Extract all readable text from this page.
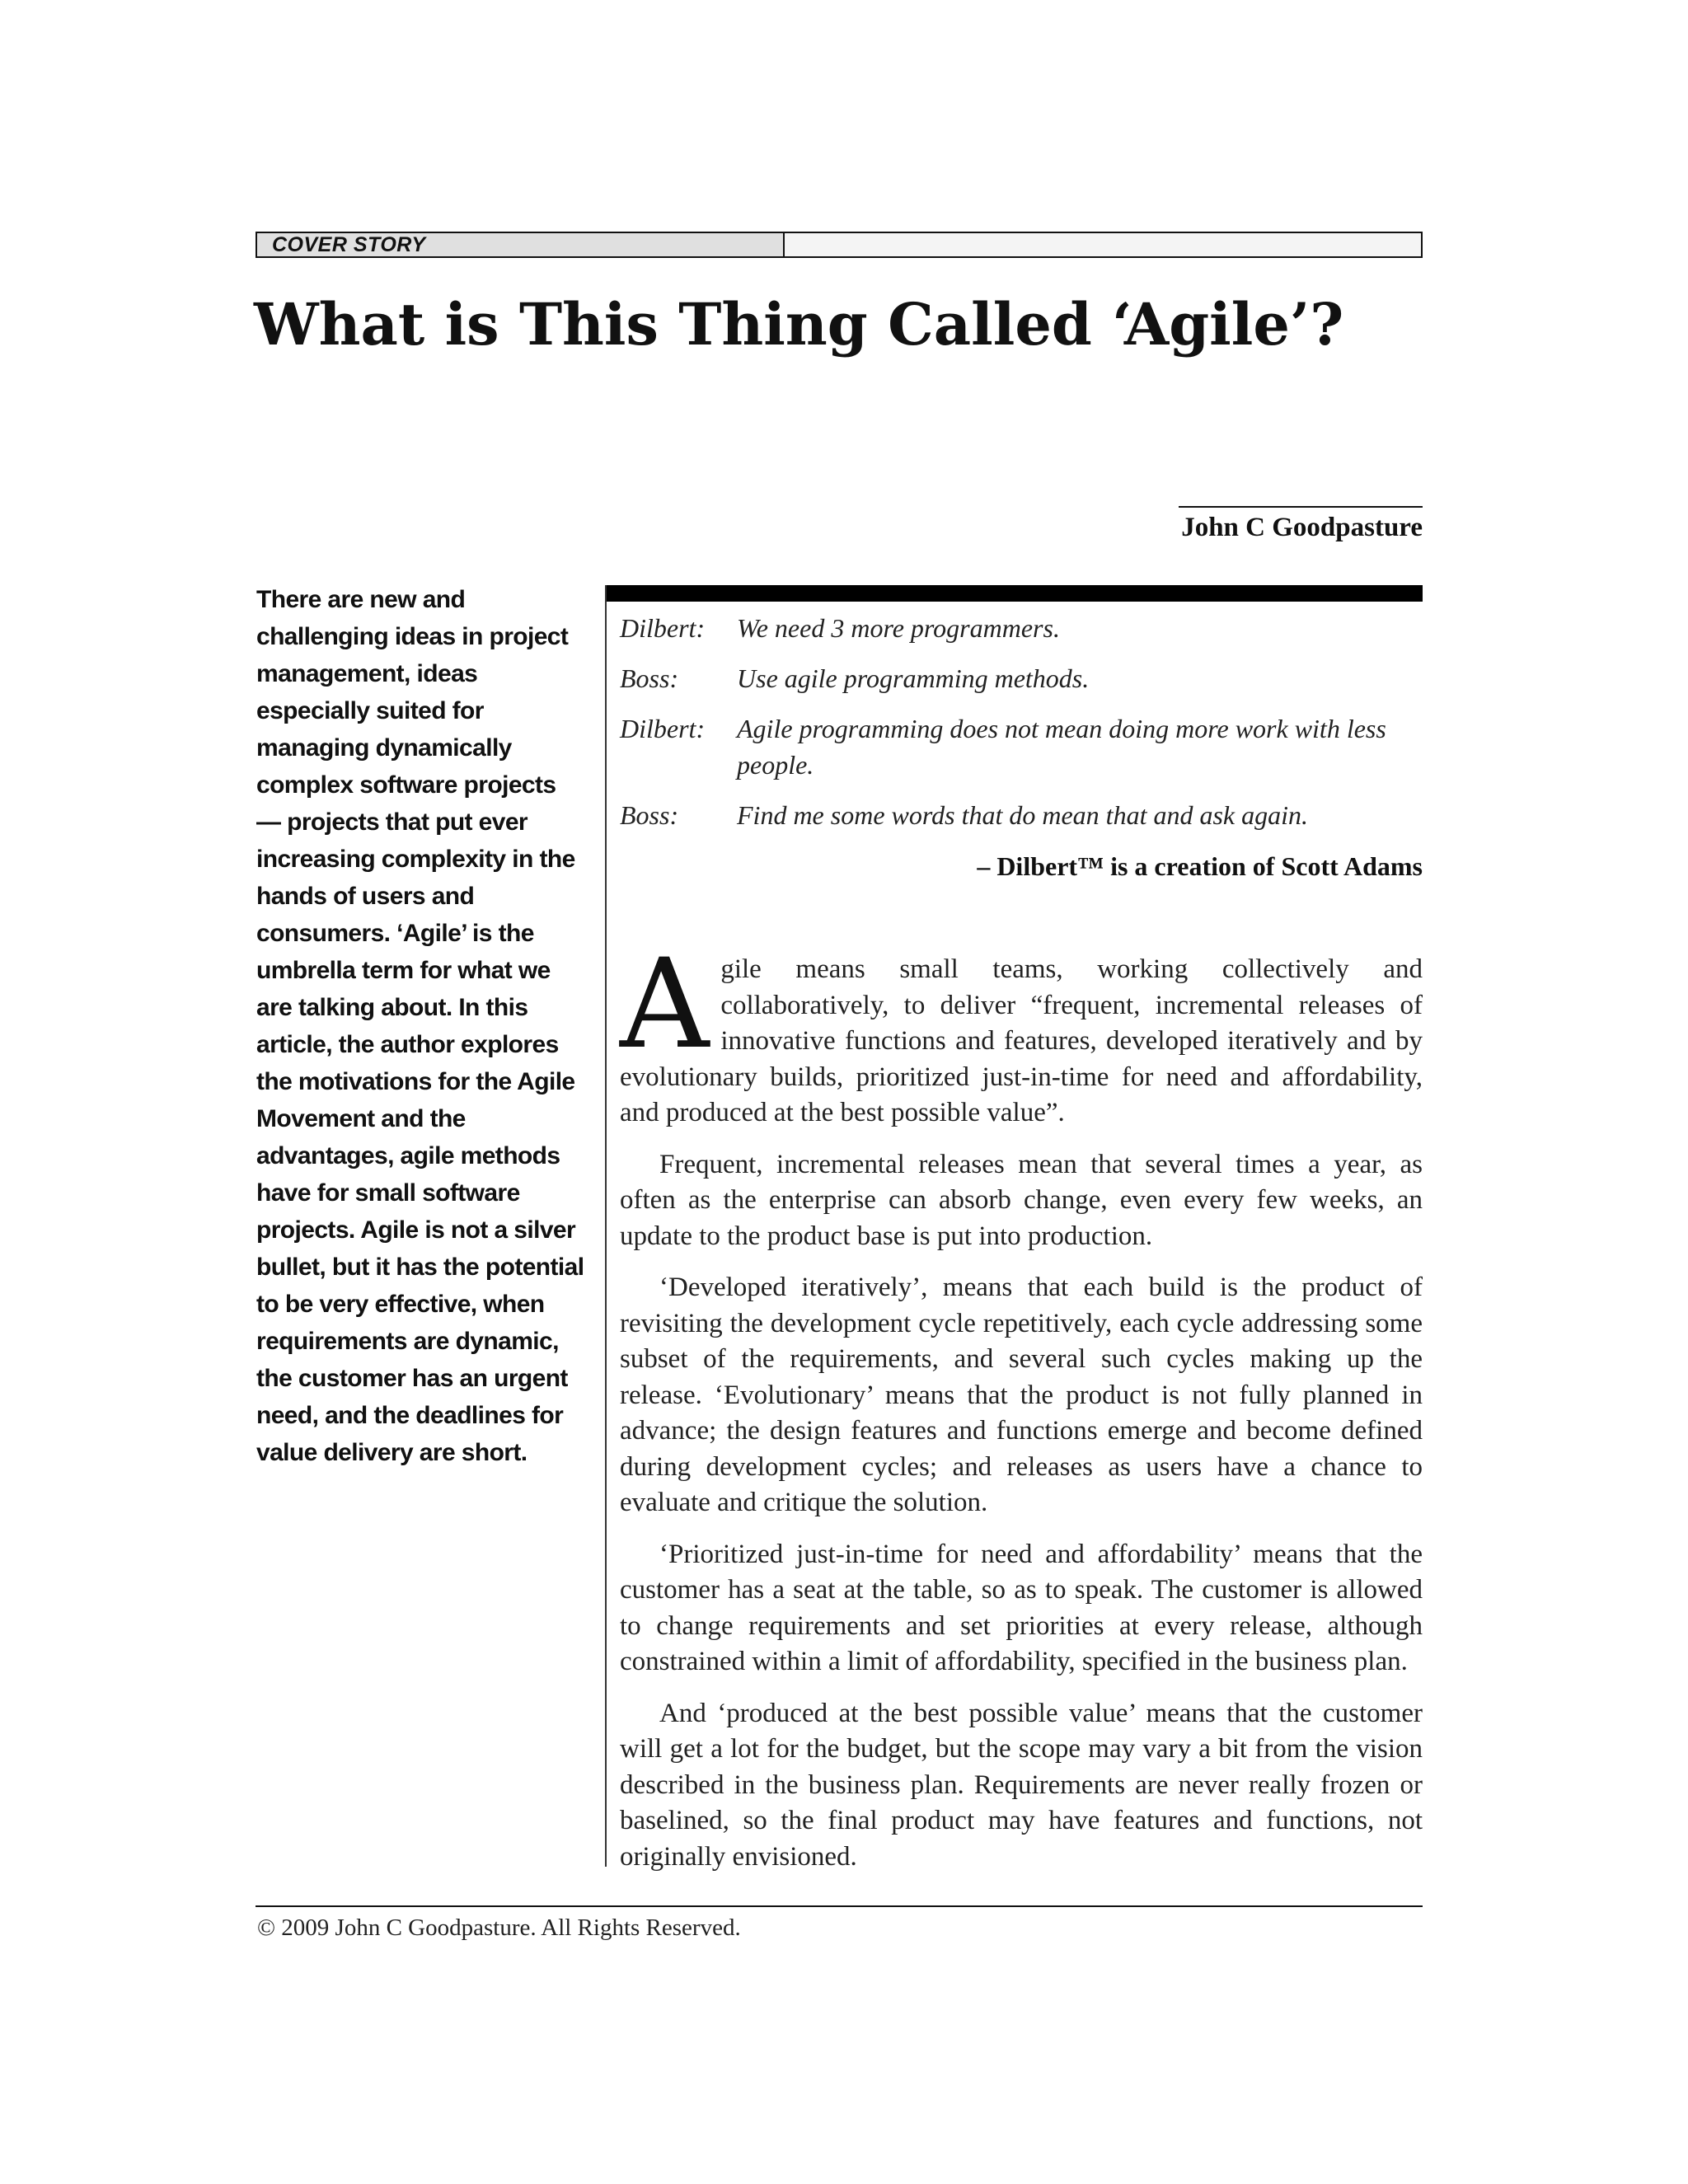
COVER STORY
What is This Thing Called ‘Agile’?
John C Goodpasture
There are new and challenging ideas in project management, ideas especially suited for managing dynamically complex software projects — projects that put ever increasing complexity in the hands of users and consumers. ‘Agile’ is the umbrella term for what we are talking about. In this article, the author explores the motivations for the Agile Movement and the advantages, agile methods have for small software projects. Agile is not a silver bullet, but it has the potential to be very effective, when requirements are dynamic, the customer has an urgent need, and the deadlines for value delivery are short.
Dilbert:	We need 3 more programmers.
Boss:	Use agile programming methods.
Dilbert:	Agile programming does not mean doing more work with less people.
Boss:	Find me some words that do mean that and ask again.
– Dilbert™ is a creation of Scott Adams

Agile means small teams, working collectively and collaboratively, to deliver “frequent, incremental releases of innovative functions and features, developed iteratively and by evolutionary builds, prioritized just-in-time for need and affordability, and produced at the best possible value”.

Frequent, incremental releases mean that several times a year, as often as the enterprise can absorb change, even every few weeks, an update to the product base is put into production.

‘Developed iteratively’, means that each build is the product of revisiting the development cycle repetitively, each cycle addressing some subset of the requirements, and several such cycles making up the release. ‘Evolutionary’ means that the product is not fully planned in advance; the design features and functions emerge and become defined during development cycles; and releases as users have a chance to evaluate and critique the solution.

‘Prioritized just-in-time for need and affordability’ means that the customer has a seat at the table, so as to speak. The customer is allowed to change requirements and set priorities at every release, although constrained within a limit of affordability, specified in the business plan.

And ‘produced at the best possible value’ means that the customer will get a lot for the budget, but the scope may vary a bit from the vision described in the business plan. Requirements are never really frozen or baselined, so the final product may have features and functions, not originally envisioned.

© 2009 John C Goodpasture. All Rights Reserved.
